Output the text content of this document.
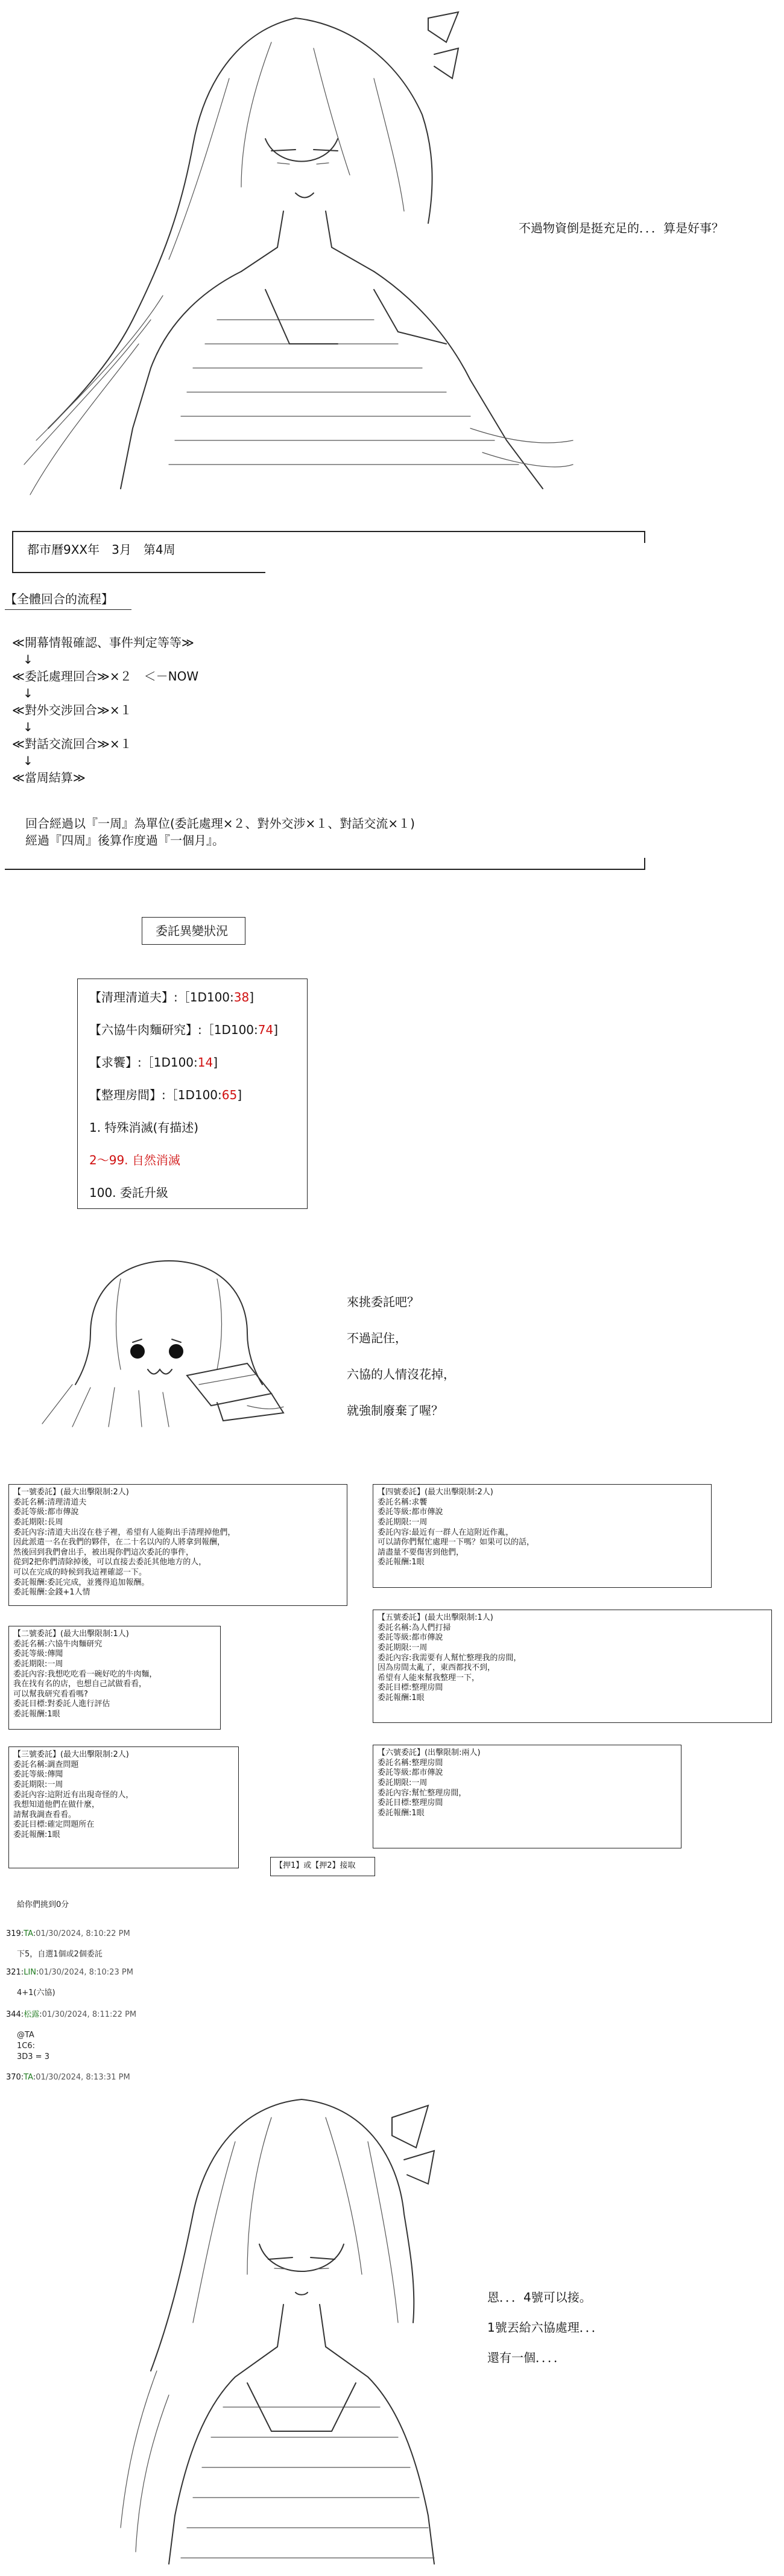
不過物資倒是挺充足的．．．算是好事？
都市曆9XX年　3月　第4周
【全體回合的流程】
≪開幕情報確認、事件判定等等≫
↓
≪委託處理回合≫×２　＜－NOW
↓
≪對外交涉回合≫×１
↓
≪對話交流回合≫×１
↓
≪當周結算≫
回合經過以『一周』為單位(委託處理×２、對外交涉×１、對話交流×１)
經過『四周』後算作度過『一個月』。
委託異變狀況
【清理清道夫】:［1D100:38]
【六協牛肉麵研究】:［1D100:74]
【求饗】:［1D100:14]
【整理房間】:［1D100:65]
1. 特殊消滅(有描述)
2～99. 自然消滅
100. 委託升級
來挑委託吧？
不過記住，
六協的人情沒花掉，
就強制廢棄了喔？
【一號委託】(最大出擊限制:2人)
委託名稱:清理清道夫
委託等級:都市傳說
委託期限:長周
委託內容:清道夫出沒在巷子裡，希望有人能夠出手清理掉他們，
因此派遣一名在我們的夥伴，在二十名以內的人將拿到報酬，
然後回到我們會出手，被出現你們這次委託的事件，
從到2把你們清除掉後，可以直接去委託其他地方的人，
可以在完成的時候到我這裡確認一下。
委託報酬:委託完成，並獲得追加報酬。
委託報酬:金錢+1人情
【二號委託】(最大出擊限制:1人)
委託名稱:六協牛肉麵研究
委託等級:傳聞
委託期限:一周
委託內容:我想吃吃看一碗好吃的牛肉麵，
我在找有名的店，也想自己試做看看，
可以幫我研究看看嗎?
委託目標:對委託人進行評估
委託報酬:1眼
【三號委託】(最大出擊限制:2人)
委託名稱:調查問題
委託等級:傳聞
委託期限:一周
委託內容:這附近有出現奇怪的人，
我想知道他們在做什麼，
請幫我調查看看。
委託目標:確定問題所在
委託報酬:1眼
【四號委託】(最大出擊限制:2人)
委託名稱:求饗
委託等級:都市傳說
委託期限:一周
委託內容:最近有一群人在這附近作亂，
可以請你們幫忙處理一下嗎？如果可以的話，
請盡量不要傷害到他們，
委託報酬:1眼
【五號委託】(最大出擊限制:1人)
委託名稱:為人們打掃
委託等級:都市傳說
委託期限:一周
委託內容:我需要有人幫忙整理我的房間，
因為房間太亂了，東西都找不到，
希望有人能來幫我整理一下，
委託目標:整理房間
委託報酬:1眼
【六號委託】(出擊限制:兩人)
委託名稱:整理房間
委託等級:都市傳說
委託期限:一周
委託內容:幫忙整理房間，
委託目標:整理房間
委託報酬:1眼
【押1】或【押2】接取
給你們挑到0分
319:TA:01/30/2024, 8:10:22 PM
下5，自選1個或2個委託
321:LIN:01/30/2024, 8:10:23 PM
4+1(六協)
344:松露:01/30/2024, 8:11:22 PM
@TA
1C6:
3D3 = 3
370:TA:01/30/2024, 8:13:31 PM
恩．．．4號可以接。
1號丟給六協處理．．．
還有一個．．．．
